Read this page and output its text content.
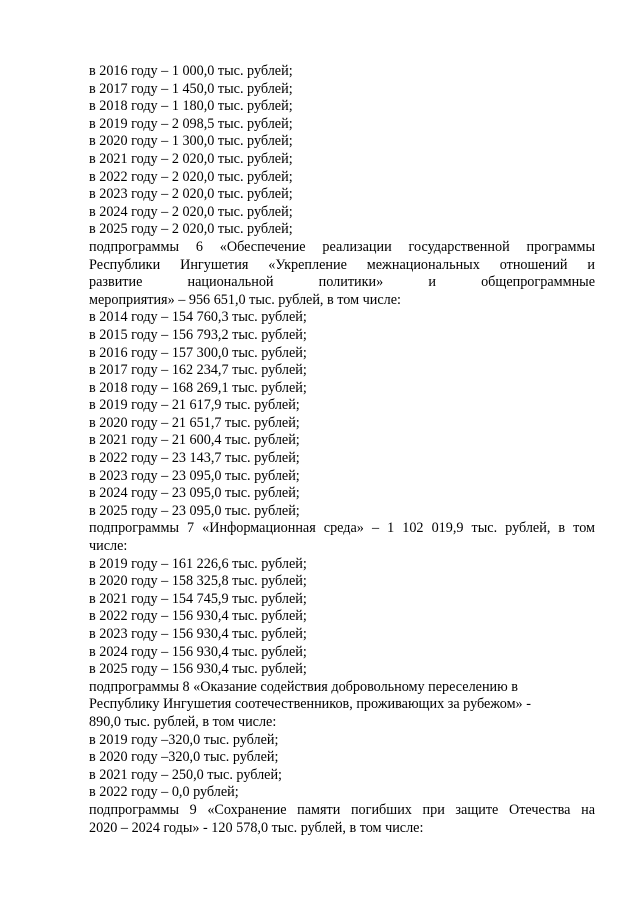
в 2016 году – 1 000,0 тыс. рублей;
в 2017 году – 1 450,0 тыс. рублей;
в 2018 году – 1 180,0 тыс. рублей;
в 2019 году – 2 098,5 тыс. рублей;
в 2020 году – 1 300,0 тыс. рублей;
в 2021 году – 2 020,0 тыс. рублей;
в 2022 году – 2 020,0 тыс. рублей;
в 2023 году – 2 020,0 тыс. рублей;
в 2024 году – 2 020,0 тыс. рублей;
в 2025 году – 2 020,0 тыс. рублей;
подпрограммы 6 «Обеспечение реализации государственной программы
Республики Ингушетия «Укрепление межнациональных отношений и
развитие национальной политики» и общепрограммные
мероприятия» – 956 651,0 тыс. рублей, в том числе:
в 2014 году – 154 760,3 тыс. рублей;
в 2015 году – 156 793,2 тыс. рублей;
в 2016 году – 157 300,0 тыс. рублей;
в 2017 году – 162 234,7 тыс. рублей;
в 2018 году – 168 269,1 тыс. рублей;
в 2019 году – 21 617,9 тыс. рублей;
в 2020 году – 21 651,7 тыс. рублей;
в 2021 году – 21 600,4 тыс. рублей;
в 2022 году – 23 143,7 тыс. рублей;
в 2023 году – 23 095,0 тыс. рублей;
в 2024 году – 23 095,0 тыс. рублей;
в 2025 году – 23 095,0 тыс. рублей;
подпрограммы 7 «Информационная среда» – 1 102 019,9 тыс. рублей, в том
числе:
в 2019 году – 161 226,6 тыс. рублей;
в 2020 году – 158 325,8 тыс. рублей;
в 2021 году – 154 745,9 тыс. рублей;
в 2022 году – 156 930,4 тыс. рублей;
в 2023 году – 156 930,4 тыс. рублей;
в 2024 году – 156 930,4 тыс. рублей;
в 2025 году – 156 930,4 тыс. рублей;
подпрограммы 8 «Оказание содействия добровольному переселению в
Республику Ингушетия соотечественников, проживающих за рубежом» -
890,0 тыс. рублей, в том числе:
в 2019 году –320,0 тыс. рублей;
в 2020 году –320,0 тыс. рублей;
в 2021 году – 250,0 тыс. рублей;
в 2022 году – 0,0 рублей;
подпрограммы 9 «Сохранение памяти погибших при защите Отечества на
2020 – 2024 годы» - 120 578,0 тыс. рублей, в том числе:
